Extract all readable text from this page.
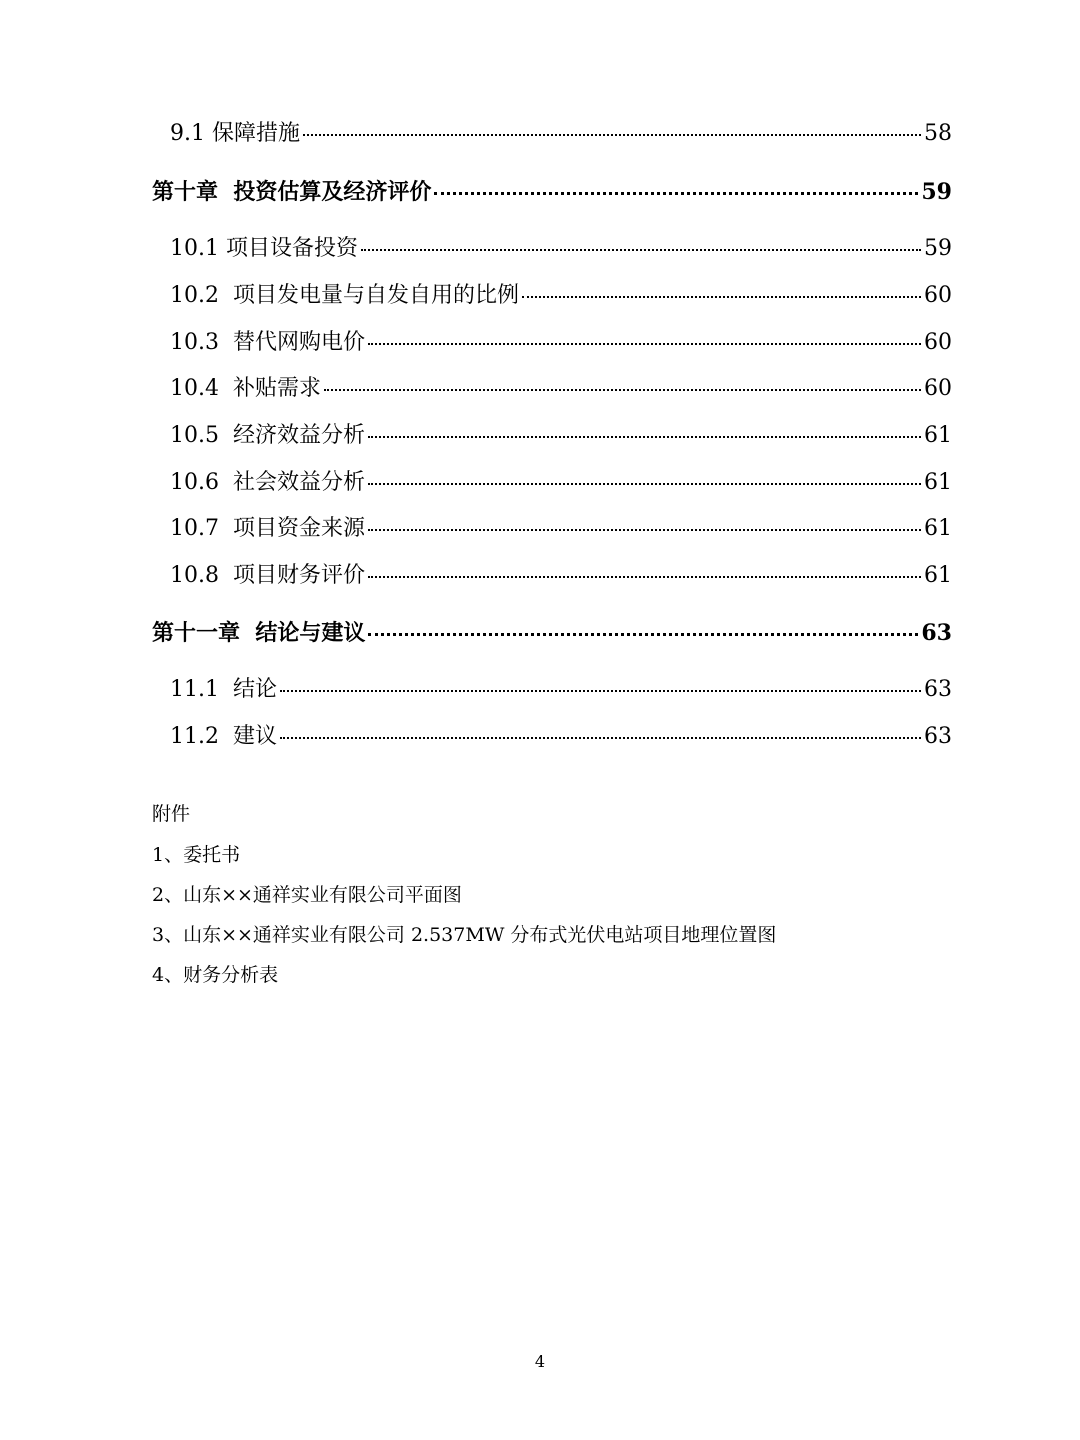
9.1 保障措施	58
第十章 投资估算及经济评价	59
10.1 项目设备投资	59
10.2 项目发电量与自发自用的比例	60
10.3 替代网购电价	60
10.4 补贴需求	60
10.5 经济效益分析	61
10.6 社会效益分析	61
10.7 项目资金来源	61
10.8 项目财务评价	61
第十一章 结论与建议	63
11.1 结论	63
11.2 建议	63
附件
1、委托书
2、山东××通祥实业有限公司平面图
3、山东××通祥实业有限公司 2.537MW 分布式光伏电站项目地理位置图
4、财务分析表
4
